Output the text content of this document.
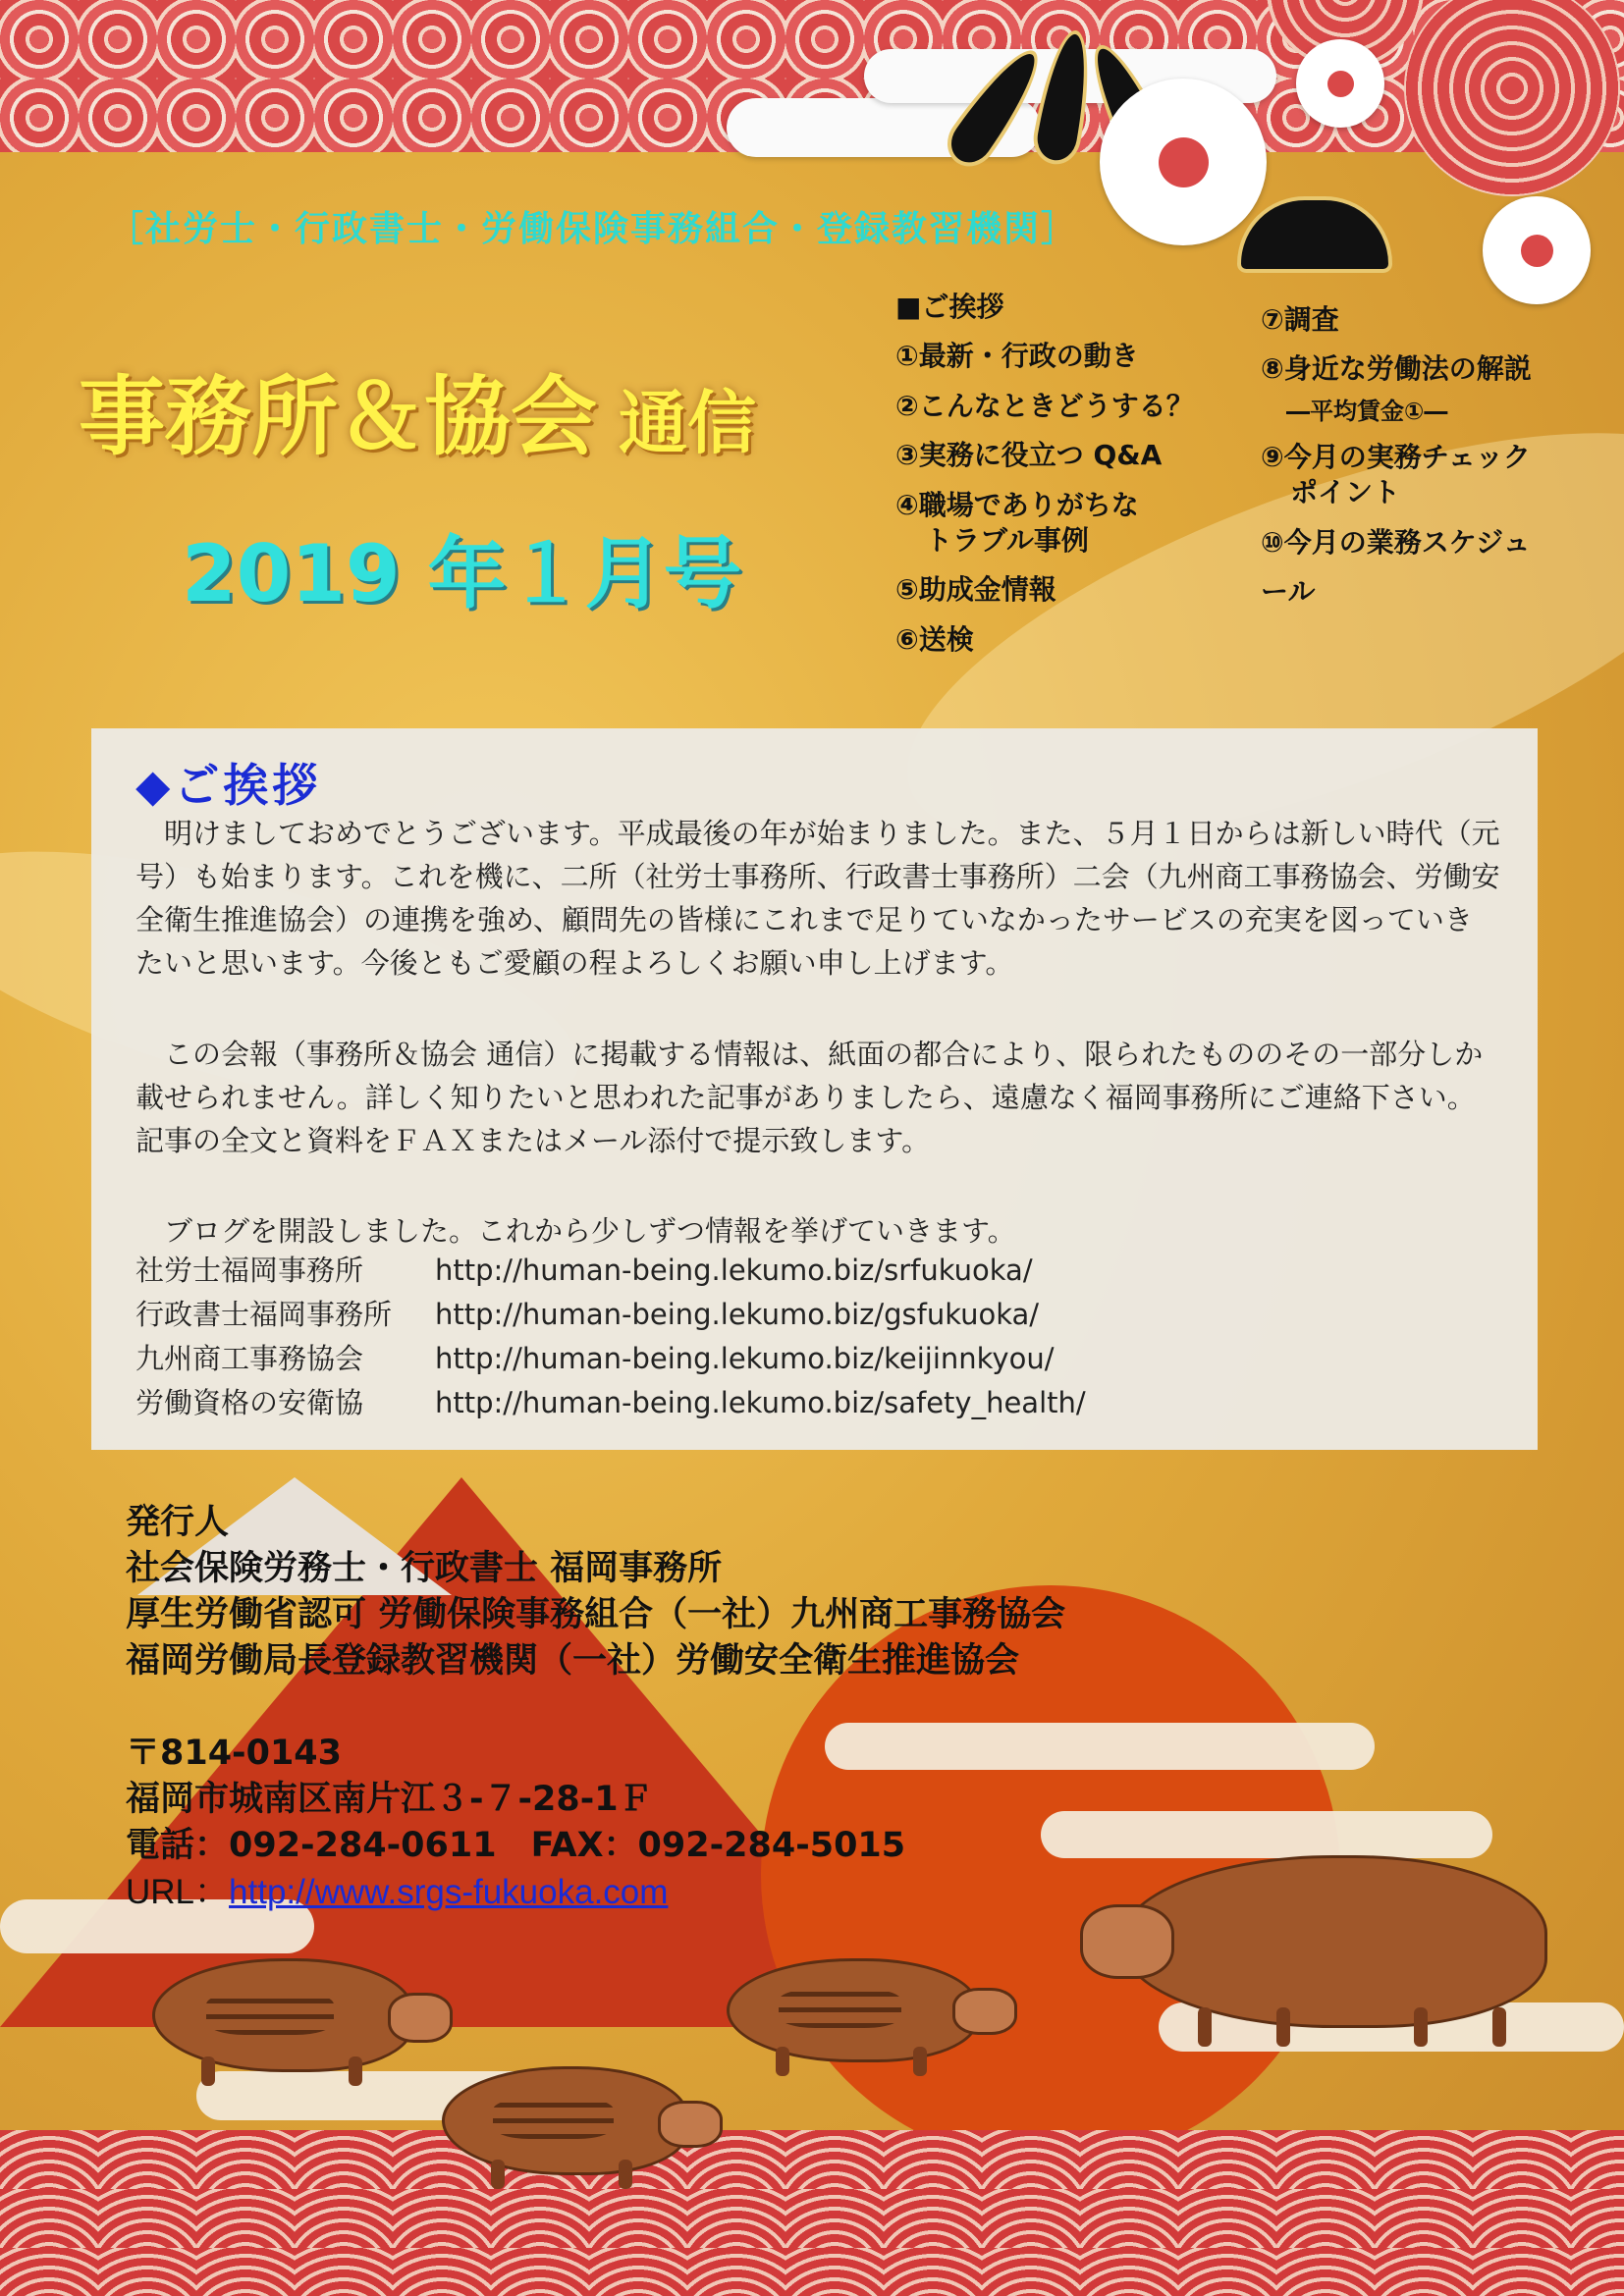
［社労士・行政書士・労働保険事務組合・登録教習機関］
事務所＆協会 通信
2019 年１月号
■ご挨拶
①最新・行政の動き
②こんなときどうする？
③実務に役立つ Q&A
④職場でありがちな
トラブル事例
⑤助成金情報
⑥送検
⑦調査
⑧身近な労働法の解説
―平均賃金①―
⑨今月の実務チェック
ポイント
⑩今月の業務スケジュ
ール
◆ご挨拶
　明けましておめでとうございます。平成最後の年が始まりました。また、５月１日からは新しい時代（元号）も始まります。これを機に、二所（社労士事務所、行政書士事務所）二会（九州商工事務協会、労働安全衛生推進協会）の連携を強め、顧問先の皆様にこれまで足りていなかったサービスの充実を図っていきたいと思います。今後ともご愛顧の程よろしくお願い申し上げます。
　この会報（事務所＆協会 通信）に掲載する情報は、紙面の都合により、限られたもののその一部分しか載せられません。詳しく知りたいと思われた記事がありましたら、遠慮なく福岡事務所にご連絡下さい。記事の全文と資料をＦＡＸまたはメール添付で提示致します。
　ブログを開設しました。これから少しずつ情報を挙げていきます。
社労士福岡事務所	http://human-being.lekumo.biz/srfukuoka/
行政書士福岡事務所 http://human-being.lekumo.biz/gsfukuoka/
九州商工事務協会	http://human-being.lekumo.biz/keijinnkyou/
労働資格の安衛協	http://human-being.lekumo.biz/safety_health/
発行人
社会保険労務士・行政書士 福岡事務所
厚生労働省認可 労働保険事務組合（一社）九州商工事務協会
福岡労働局長登録教習機関（一社）労働安全衛生推進協会
〒814-0143
福岡市城南区南片江３-７-28-1Ｆ
電話：092-284-0611　FAX：092-284-5015
URL：http://www.srgs-fukuoka.com
